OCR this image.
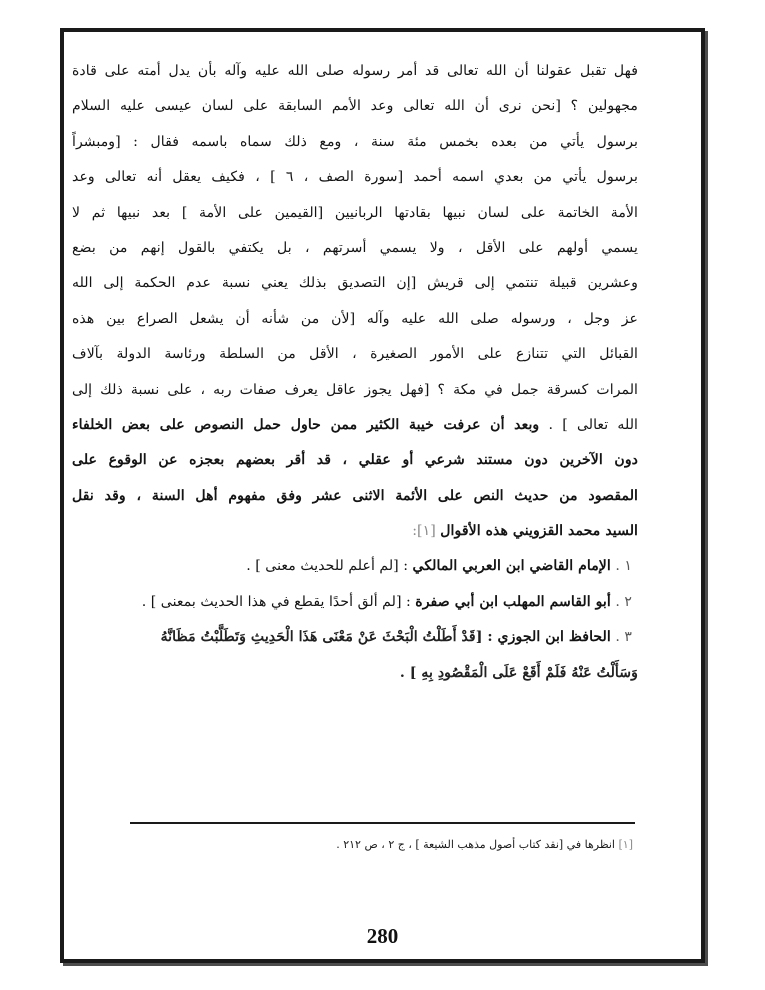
فهل تقبل عقولنا أن الله تعالى قد أمر رسوله صلى الله عليه وآله بأن يدل أمته على قادة
مجهولين ؟ [نحن نرى أن الله تعالى وعد الأمم السابقة على لسان عيسى عليه السلام
برسول يأتي من بعده بخمس مئة سنة ، ومع ذلك سماه باسمه فقال : [ومبشراً
برسول يأتي من بعدي اسمه أحمد [سورة الصف ، ٦ ] ، فكيف يعقل أنه تعالى وعد
الأمة الخاتمة على لسان نبيها بقادتها الربانيين [القيمين على الأمة ] بعد نبيها ثم لا
يسمي أولهم على الأقل ، ولا يسمي أسرتهم ، بل يكتفي بالقول إنهم من بضع
وعشرين قبيلة تنتمي إلى قريش [إن التصديق بذلك يعني نسبة عدم الحكمة إلى الله
عز وجل ، ورسوله صلى الله عليه وآله [لأن من شأنه أن يشعل الصراع بين هذه
القبائل التي تتنازع على الأمور الصغيرة ، الأقل من السلطة ورئاسة الدولة بآلاف
المرات كسرقة جمل في مكة ؟ [فهل يجوز عاقل يعرف صفات ربه ، على نسبة ذلك إلى
الله تعالى ] . وبعد أن عرفت خيبة الكثير ممن حاول حمل النصوص على بعض الخلفاء
دون الآخرين دون مستند شرعي أو عقلي ، قد أقر بعضهم بعجزه عن الوقوع على
المقصود من حديث النص على الأئمة الاثنى عشر وفق مفهوم أهل السنة ، وقد نقل
السيد محمد القزويني هذه الأقوال [١]:
١ . الإمام القاضي ابن العربي المالكي : [لم أعلم للحديث معنى ] .
٢ . أبو القاسم المهلب ابن أبي صفرة : [لم ألق أحدًا يقطع في هذا الحديث بمعنى ] .
٣ . الحافظ ابن الجوزي : [قَدْ أَطَلْتُ الْبَحْثَ عَنْ مَعْنَى هَذَا الْحَدِيثِ وَتَطَلَّبْتُ مَظَانَّهُ
وَسَأَلْتُ عَنْهُ فَلَمْ أَقَعْ عَلَى الْمَقْصُودِ بِهِ ] .
[١] انظرها في [نقد كتاب أصول مذهب الشيعة ] ، ج ٢ ، ص ٢١٢ .
280
